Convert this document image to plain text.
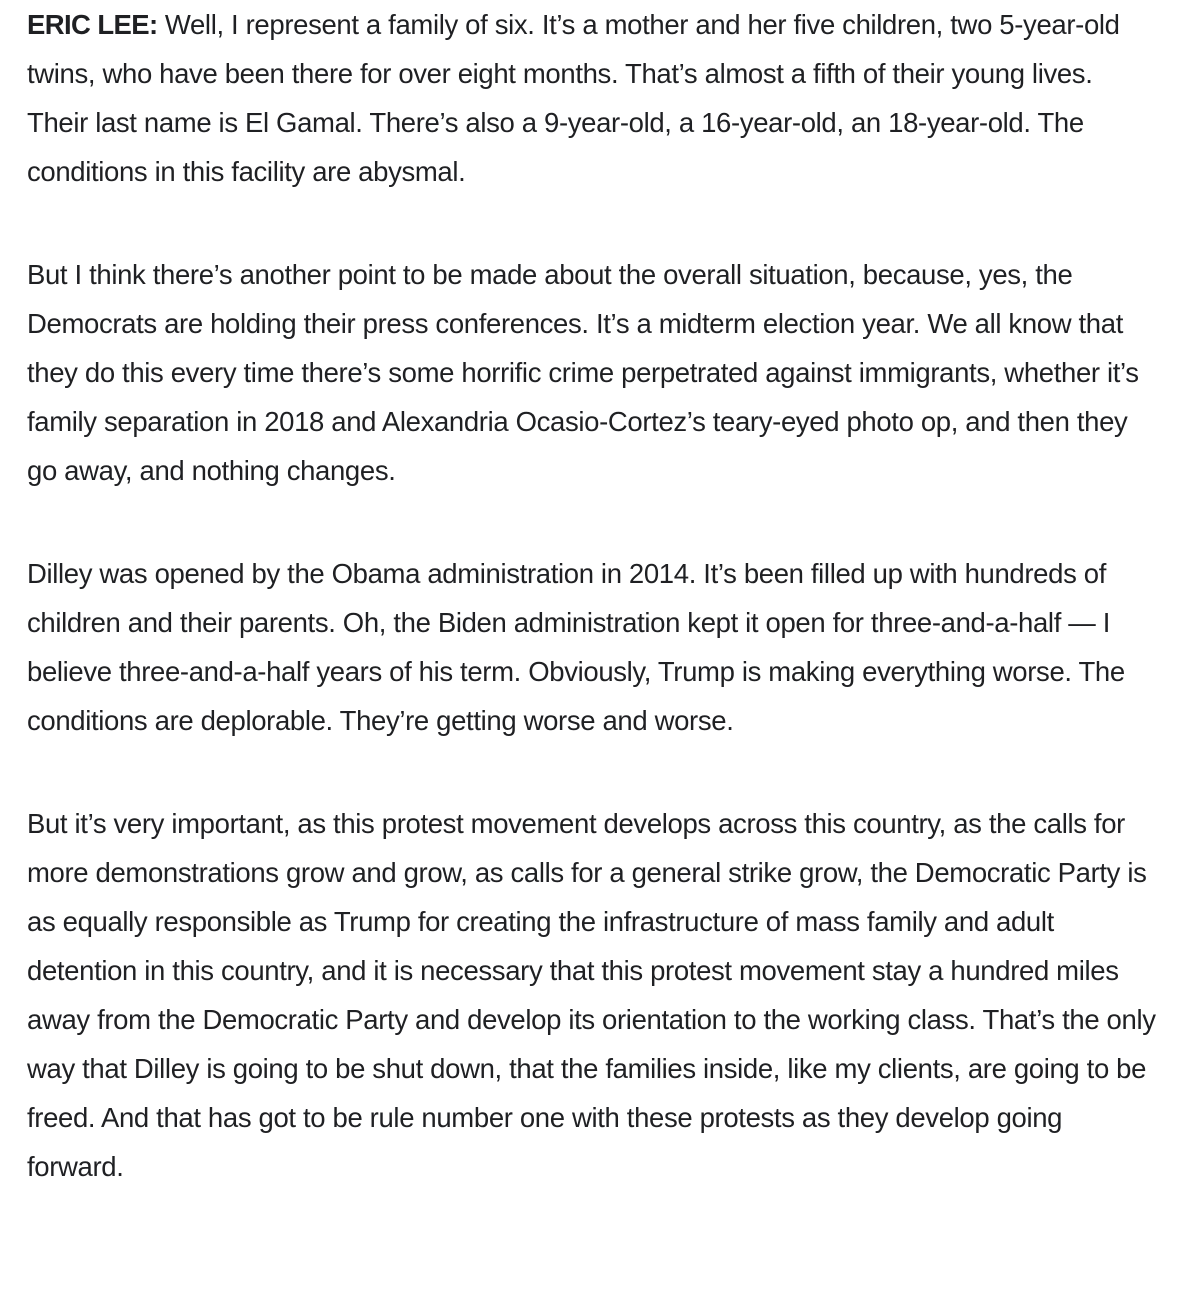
ERIC LEE: Well, I represent a family of six. It’s a mother and her five children, two 5-year-old twins, who have been there for over eight months. That’s almost a fifth of their young lives. Their last name is El Gamal. There’s also a 9-year-old, a 16-year-old, an 18-year-old. The conditions in this facility are abysmal.

But I think there’s another point to be made about the overall situation, because, yes, the Democrats are holding their press conferences. It’s a midterm election year. We all know that they do this every time there’s some horrific crime perpetrated against immigrants, whether it’s family separation in 2018 and Alexandria Ocasio-Cortez’s teary-eyed photo op, and then they go away, and nothing changes.

Dilley was opened by the Obama administration in 2014. It’s been filled up with hundreds of children and their parents. Oh, the Biden administration kept it open for three-and-a-half — I believe three-and-a-half years of his term. Obviously, Trump is making everything worse. The conditions are deplorable. They’re getting worse and worse.

But it’s very important, as this protest movement develops across this country, as the calls for more demonstrations grow and grow, as calls for a general strike grow, the Democratic Party is as equally responsible as Trump for creating the infrastructure of mass family and adult detention in this country, and it is necessary that this protest movement stay a hundred miles away from the Democratic Party and develop its orientation to the working class. That’s the only way that Dilley is going to be shut down, that the families inside, like my clients, are going to be freed. And that has got to be rule number one with these protests as they develop going forward.
